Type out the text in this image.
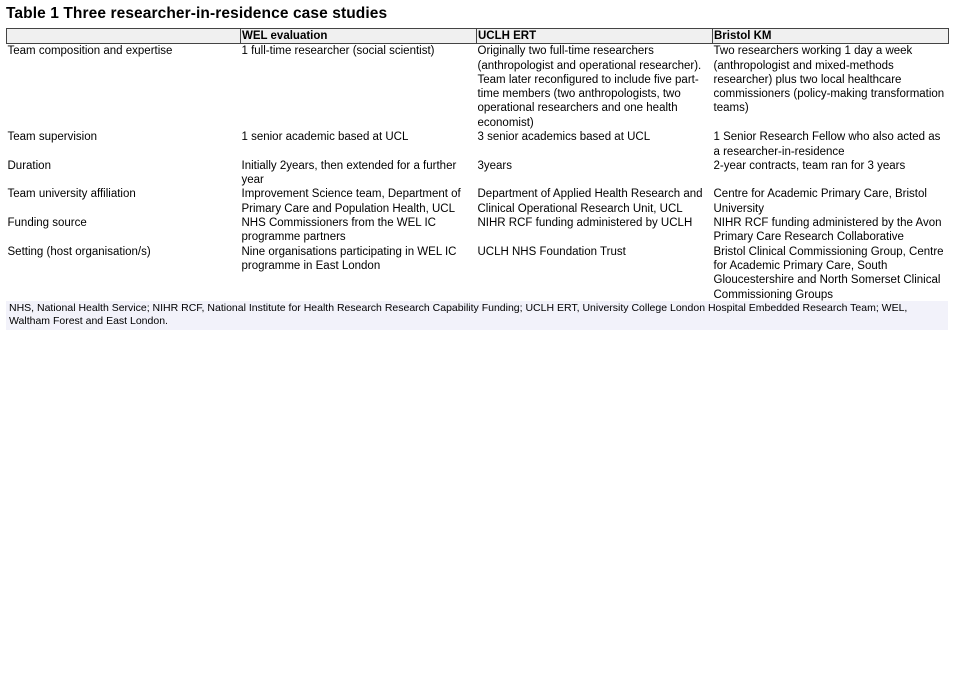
Table 1 Three researcher-in-residence case studies
	WEL evaluation	UCLH ERT	Bristol KM
Team composition and expertise	1 full-time researcher (social scientist)	Originally two full-time researchers (anthropologist and operational researcher). Team later reconfigured to include five part-time members (two anthropologists, two operational researchers and one health economist)	Two researchers working 1 day a week (anthropologist and mixed-methods researcher) plus two local healthcare commissioners (policy-making transformation teams)
Team supervision	1 senior academic based at UCL	3 senior academics based at UCL	1 Senior Research Fellow who also acted as a researcher-in-residence
Duration	Initially 2years, then extended for a further year	3years	2-year contracts, team ran for 3 years
Team university affiliation	Improvement Science team, Department of Primary Care and Population Health, UCL	Department of Applied Health Research and Clinical Operational Research Unit, UCL	Centre for Academic Primary Care, Bristol University
Funding source	NHS Commissioners from the WEL IC programme partners	NIHR RCF funding administered by UCLH	NIHR RCF funding administered by the Avon Primary Care Research Collaborative
Setting (host organisation/s)	Nine organisations participating in WEL IC programme in East London	UCLH NHS Foundation Trust	Bristol Clinical Commissioning Group, Centre for Academic Primary Care, South Gloucestershire and North Somerset Clinical Commissioning Groups
NHS, National Health Service; NIHR RCF, National Institute for Health Research Research Capability Funding; UCLH ERT, University College London Hospital Embedded Research Team; WEL, Waltham Forest and East London.
